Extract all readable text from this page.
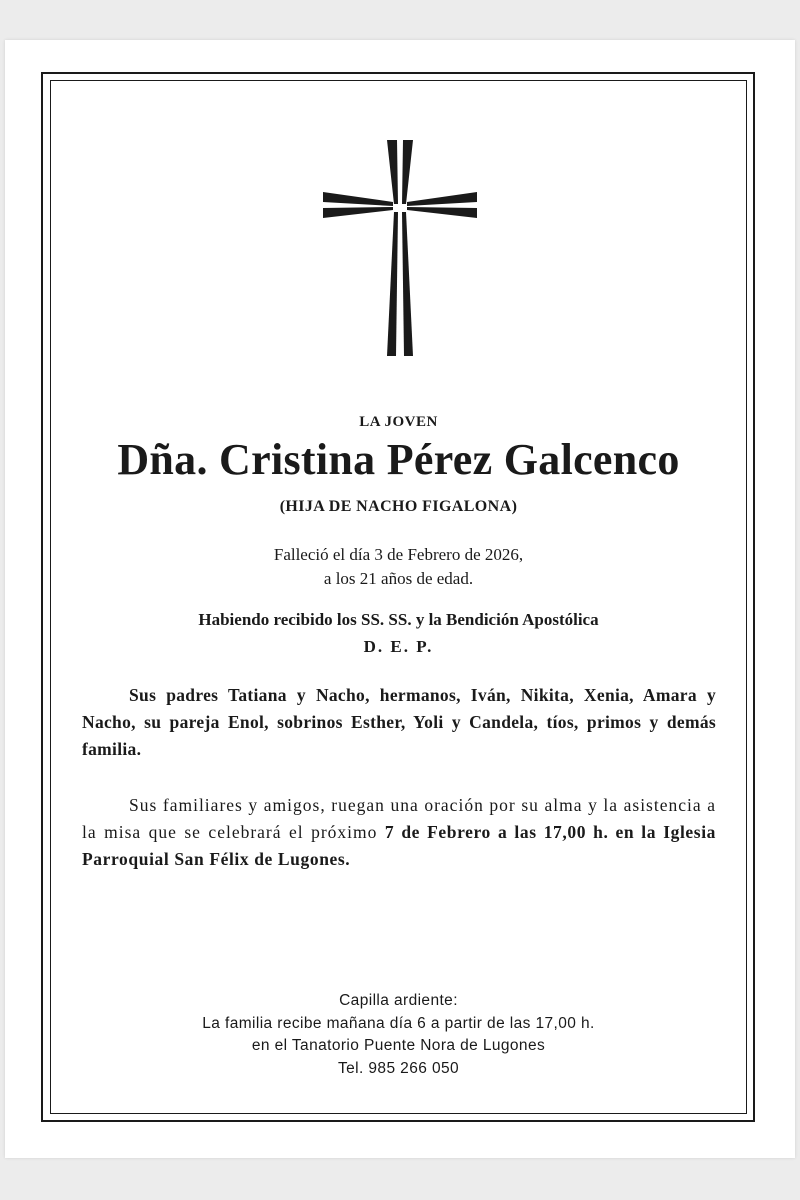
LA JOVEN
Dña. Cristina Pérez Galcenco
(HIJA DE NACHO FIGALONA)
Falleció el día 3 de Febrero de 2026,
a los 21 años de edad.
Habiendo recibido los SS. SS. y la Bendición Apostólica
D. E. P.
Sus padres Tatiana y Nacho, hermanos, Iván, Nikita, Xenia, Amara y Nacho, su pareja Enol, sobrinos Esther, Yoli y Candela, tíos, primos y demás familia.
Sus familiares y amigos, ruegan una oración por su alma y la asistencia a la misa que se celebrará el próximo 7 de Febrero a las 17,00 h. en la Iglesia Parroquial San Félix de Lugones.
Capilla ardiente:
La familia recibe mañana día 6 a partir de las 17,00 h.
en el Tanatorio Puente Nora de Lugones
Tel. 985 266 050
